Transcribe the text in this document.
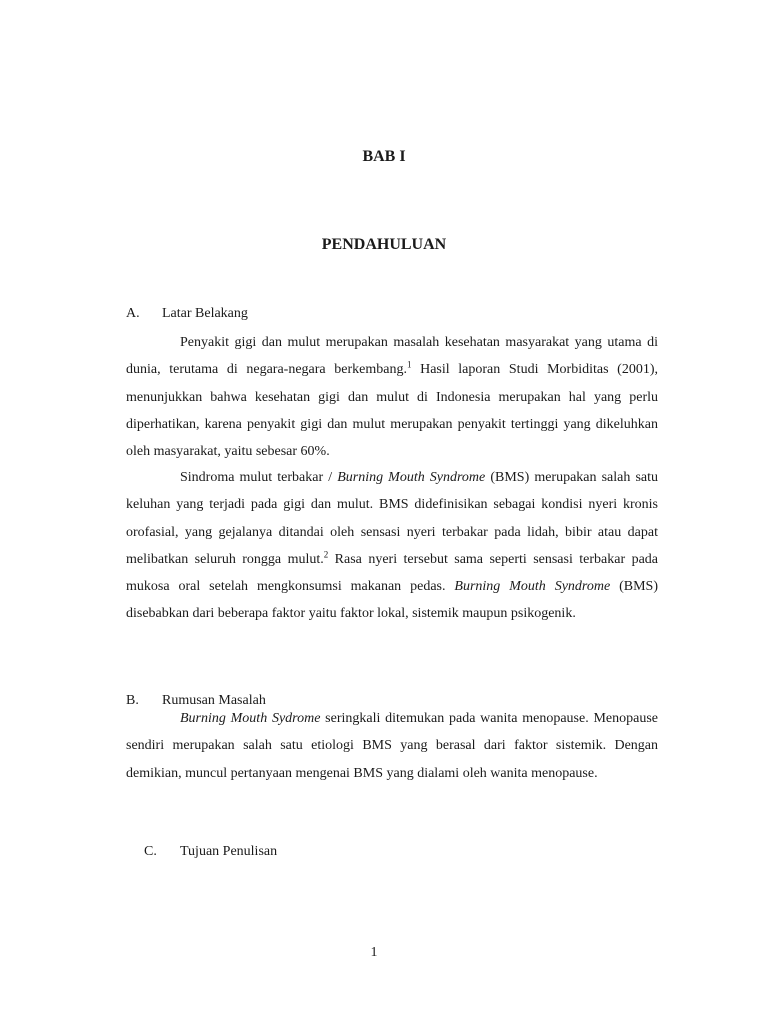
BAB I
PENDAHULUAN
A. Latar Belakang

Penyakit gigi dan mulut merupakan masalah kesehatan masyarakat yang utama di dunia, terutama di negara-negara berkembang.$^1$ Hasil laporan Studi Morbiditas (2001), menunjukkan bahwa kesehatan gigi dan mulut di Indonesia merupakan hal yang perlu diperhatikan, karena penyakit gigi dan mulut merupakan penyakit tertinggi yang dikeluhkan oleh masyarakat, yaitu sebesar 60%.

Sindroma mulut terbakar / Burning Mouth Syndrome (BMS) merupakan salah satu keluhan yang terjadi pada gigi dan mulut. BMS didefinisikan sebagai kondisi nyeri kronis orofasial, yang gejalanya ditandai oleh sensasi nyeri terbakar pada lidah, bibir atau dapat melibatkan seluruh rongga mulut.$^2$ Rasa nyeri tersebut sama seperti sensasi terbakar pada mukosa oral setelah mengkonsumsi makanan pedas. Burning Mouth Syndrome (BMS) disebabkan dari beberapa faktor yaitu faktor lokal, sistemik maupun psikogenik.

B. Rumusan Masalah

Burning Mouth Sydrome seringkali ditemukan pada wanita menopause. Menopause sendiri merupakan salah satu etiologi BMS yang berasal dari faktor sistemik. Dengan demikian, muncul pertanyaan mengenai BMS yang dialami oleh wanita menopause.

C. Tujuan Penulisan
1
